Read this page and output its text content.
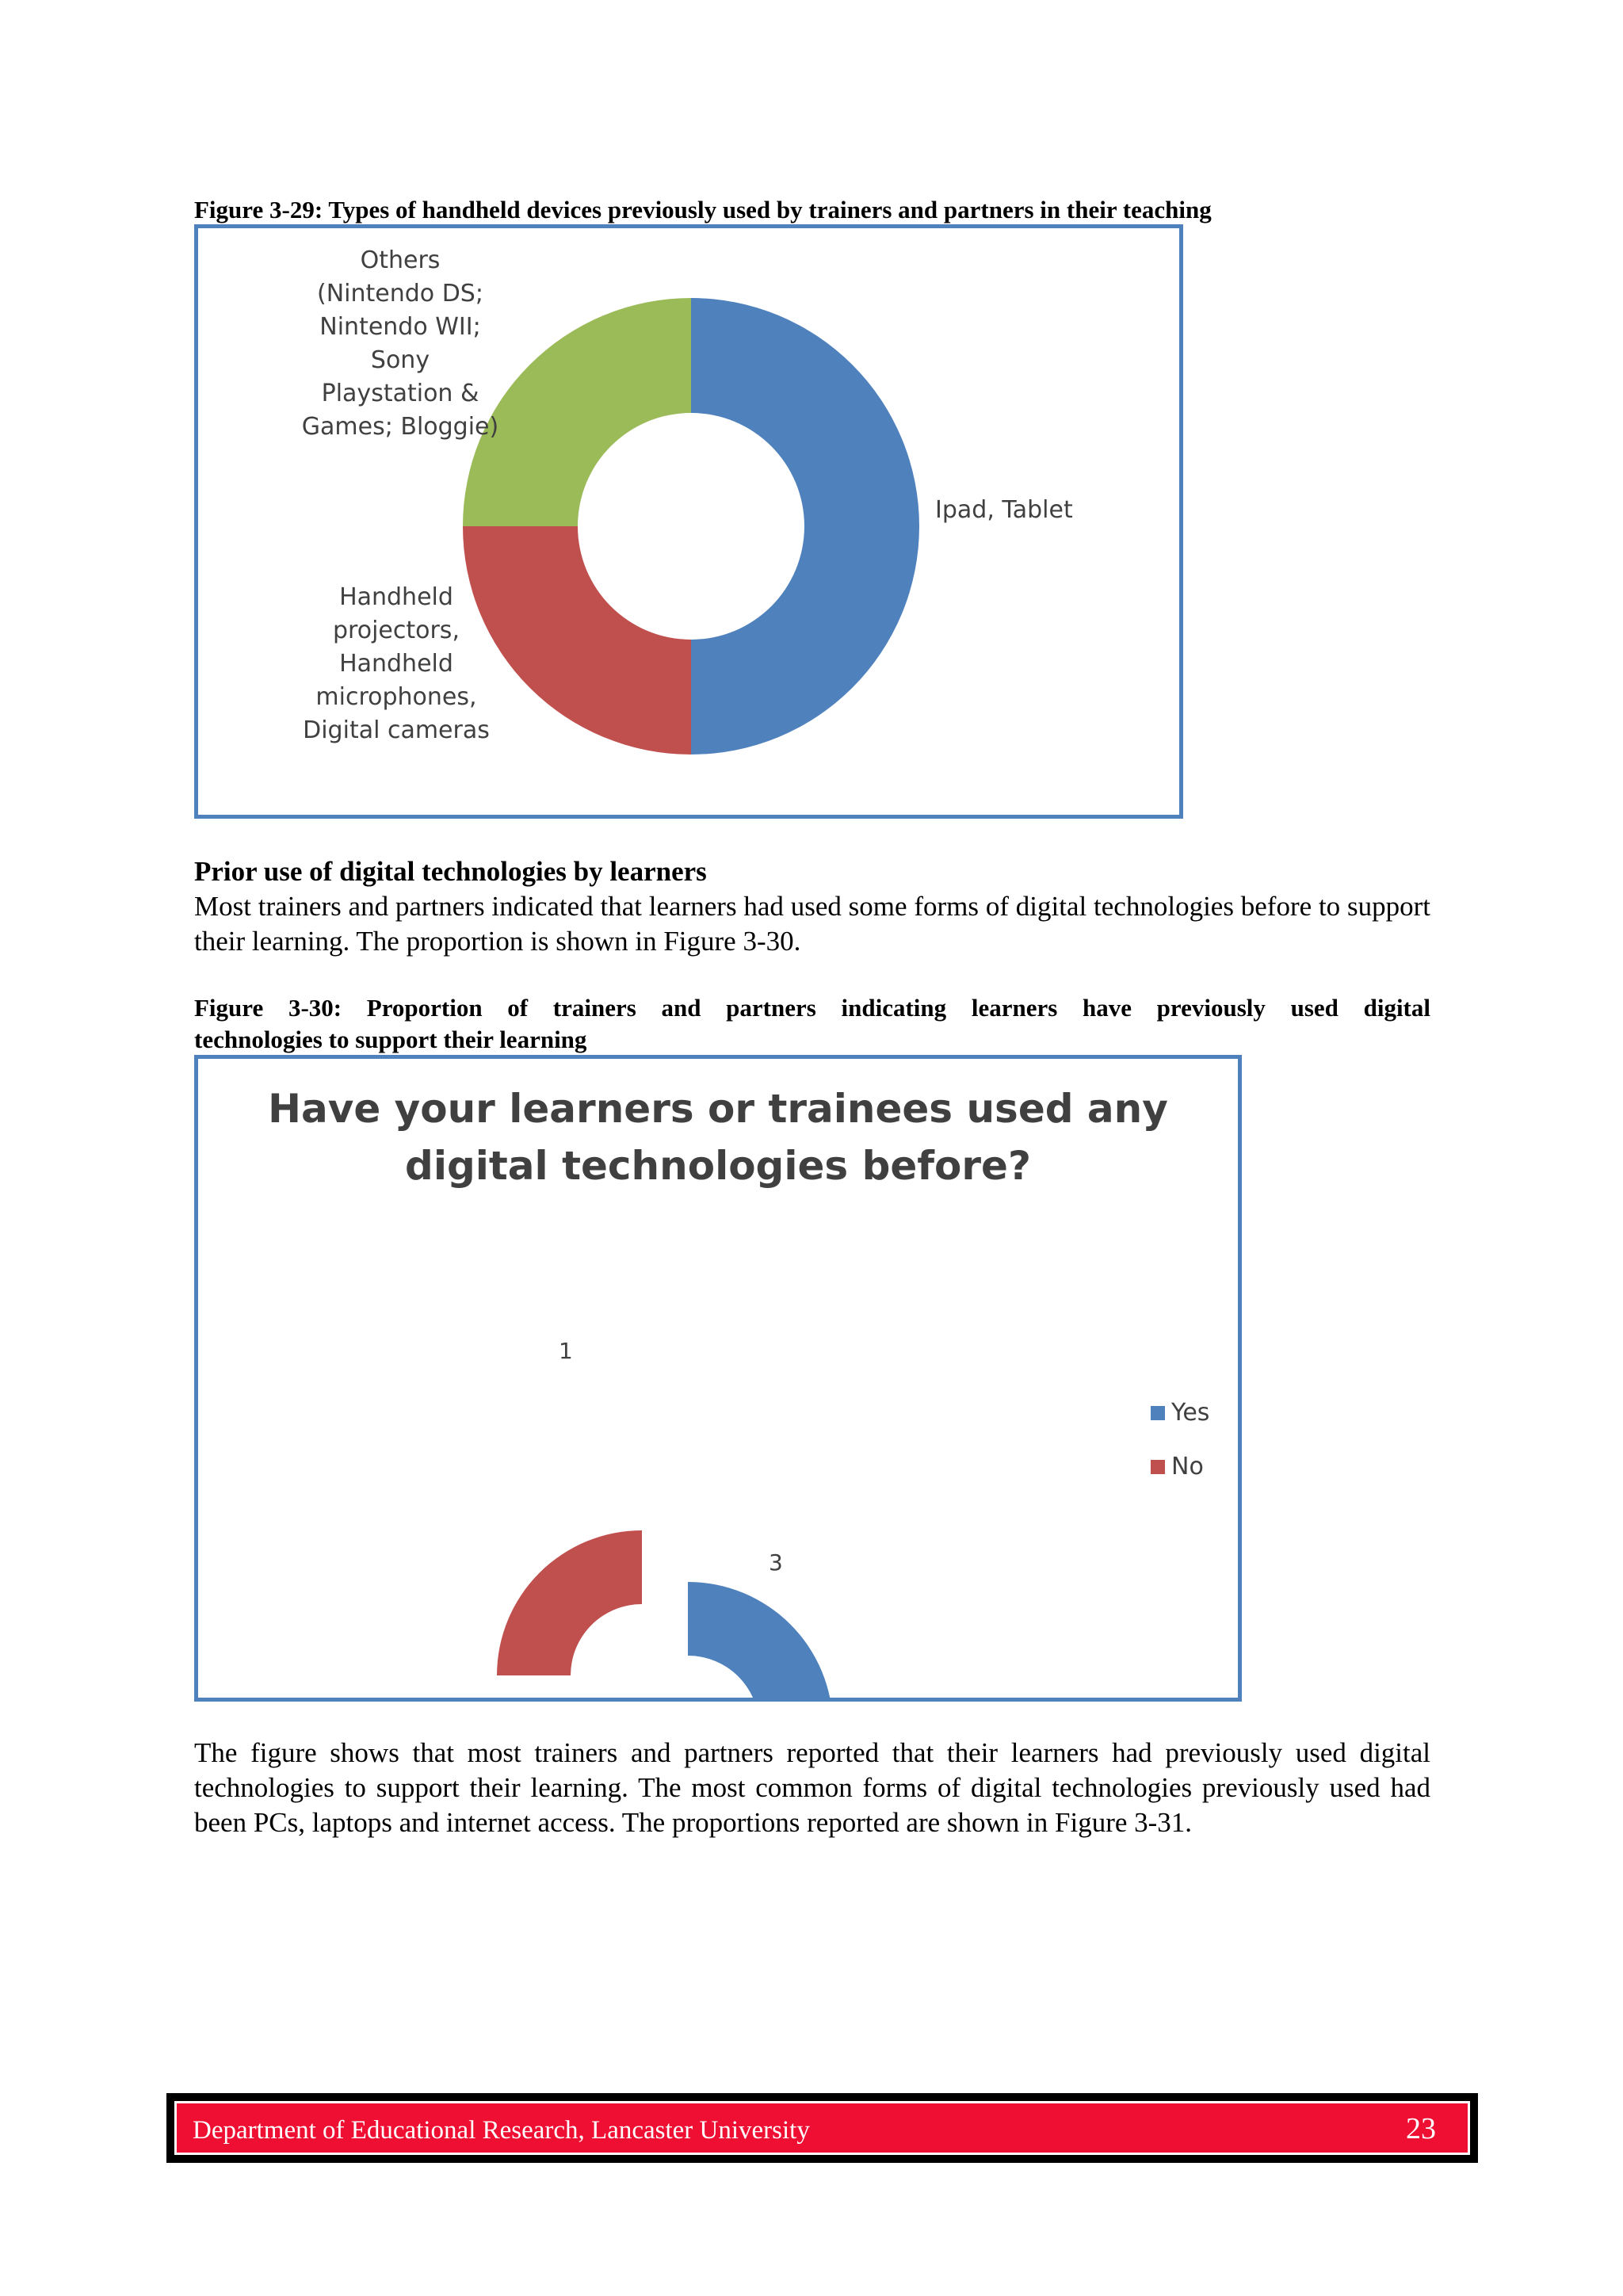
Figure 3-29: Types of handheld devices previously used by trainers and partners in their teaching
Ipad, Tablet
Handheld projectors, Handheld microphones, Digital cameras
Others (Nintendo DS; Nintendo WII; Sony Playstation & Games; Bloggie)
Prior use of digital technologies by learners
Most trainers and partners indicated that learners had used some forms of digital technologies before to support their learning. The proportion is shown in Figure 3-30.
Figure 3-30: Proportion of trainers and partners indicating learners have previously used digital
technologies to support their learning
Have your learners or trainees used any digital technologies before?
3
1
Yes
No
The figure shows that most trainers and partners reported that their learners had previously used digital technologies to support their learning. The most common forms of digital technologies previously used had been PCs, laptops and internet access. The proportions reported are shown in Figure 3-31.
Department of Educational Research, Lancaster University	23
